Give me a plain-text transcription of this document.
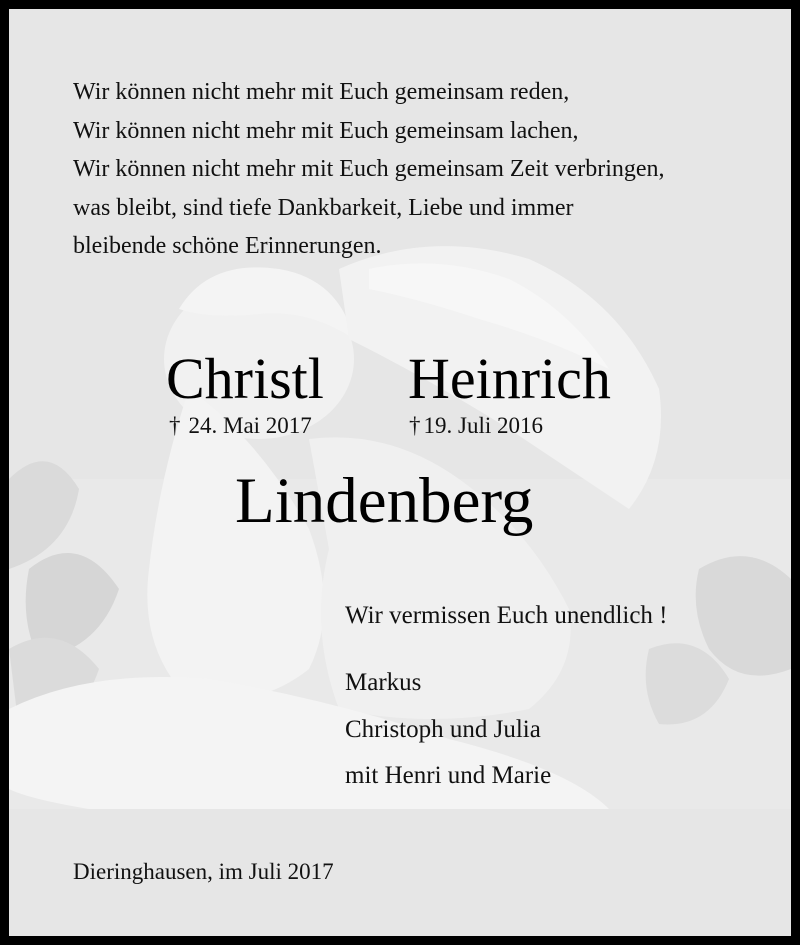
Wir können nicht mehr mit Euch gemeinsam reden,
Wir können nicht mehr mit Euch gemeinsam lachen,
Wir können nicht mehr mit Euch gemeinsam Zeit verbringen,
was bleibt, sind tiefe Dankbarkeit, Liebe und immer
bleibende schöne Erinnerungen.
Christl Heinrich
† 24. Mai 2017	† 19. Juli 2016
Lindenberg
Wir vermissen Euch unendlich !
Markus
Christoph und Julia
mit Henri und Marie
Dieringhausen, im Juli 2017
